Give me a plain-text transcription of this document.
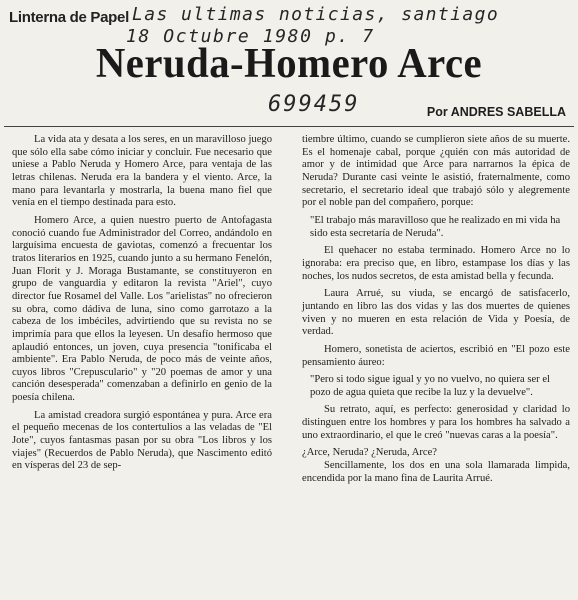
Linterna de Papel Las ultimas noticias, santiago
18 Octubre 1980 p. 7
Neruda-Homero Arce
699459	Por ANDRES SABELLA

La vida ata y desata a los seres, en un maravilloso juego que sólo ella sabe cómo iniciar y concluir. Fue necesario que uniese a Pablo Neruda y Homero Arce, para ventaja de las letras chilenas. Neruda era la bandera y el viento. Arce, la mano para levantarla y mostrarla, la buena mano fiel que venía en el tiempo destinada para esto.

Homero Arce, a quien nuestro puerto de Antofagasta conoció cuando fue Administrador del Correo, andándolo en larguísima encuesta de gaviotas, comenzó a frecuentar los tratos literarios en 1925, cuando junto a su hermano Fenelón, Juan Florit y J. Moraga Bustamante, se constituyeron en grupo de vanguardia y editaron la revista "Ariel", cuyo director fue Rosamel del Valle. Los "arielistas" no ofrecieron su obra, como dádiva de luna, sino como garrotazo a la cabeza de los imbéciles, advirtiendo que su revista no se imprimía para que ellos la leyesen. Un desafío hermoso que aplaudió entonces, un joven, cuya presencia "tonificaba el ambiente". Era Pablo Neruda, de poco más de veinte años, cuyos libros "Crepusculario" y "20 poemas de amor y una canción desesperada" comenzaban a definirlo en genio de la poesía chilena.

La amistad creadora surgió espontánea y pura. Arce era el pequeño mecenas de los contertulios a las veladas de "El Jote", cuyos fantasmas pasan por su obra "Los libros y los viajes" (Recuerdos de Pablo Neruda), que Nascimento editó en vísperas del 23 de sep-

tiembre último, cuando se cumplieron siete años de su muerte. Es el homenaje cabal, porque ¿quién con más autoridad de amor y de intimidad que Arce para narrarnos la épica de Neruda? Durante casi veinte le asistió, fraternalmente, como secretario, el secretario ideal que trabajó sólo y alegremente por el noble pan del compañero, porque:

"El trabajo más maravilloso que he realizado en mi vida ha sido esta secretaría de Neruda".

El quehacer no estaba terminado. Homero Arce no lo ignoraba: era preciso que, en libro, estampase los días y las noches, los nudos secretos, de esta amistad bella y fecunda.

Laura Arrué, su viuda, se encargó de satisfacerlo, juntando en libro las dos vidas y las dos muertes de quienes viven y no mueren en esta relación de Vida y Poesía, de verdad.

Homero, sonetista de aciertos, escribió en "El pozo este pensamiento áureo:

"Pero si todo sigue igual y yo no vuelvo, no quiera ser el pozo de agua quieta que recibe la luz y la devuelve".

Su retrato, aquí, es perfecto: generosidad y claridad lo distinguen entre los hombres y para los hombres ha salvado a uno extraordinario, el que le creó "nuevas caras a la poesía".

¿Arce, Neruda? ¿Neruda, Arce?

Sencillamente, los dos en una sola llamarada limpida, encendida por la mano fina de Laurita Arrué.
